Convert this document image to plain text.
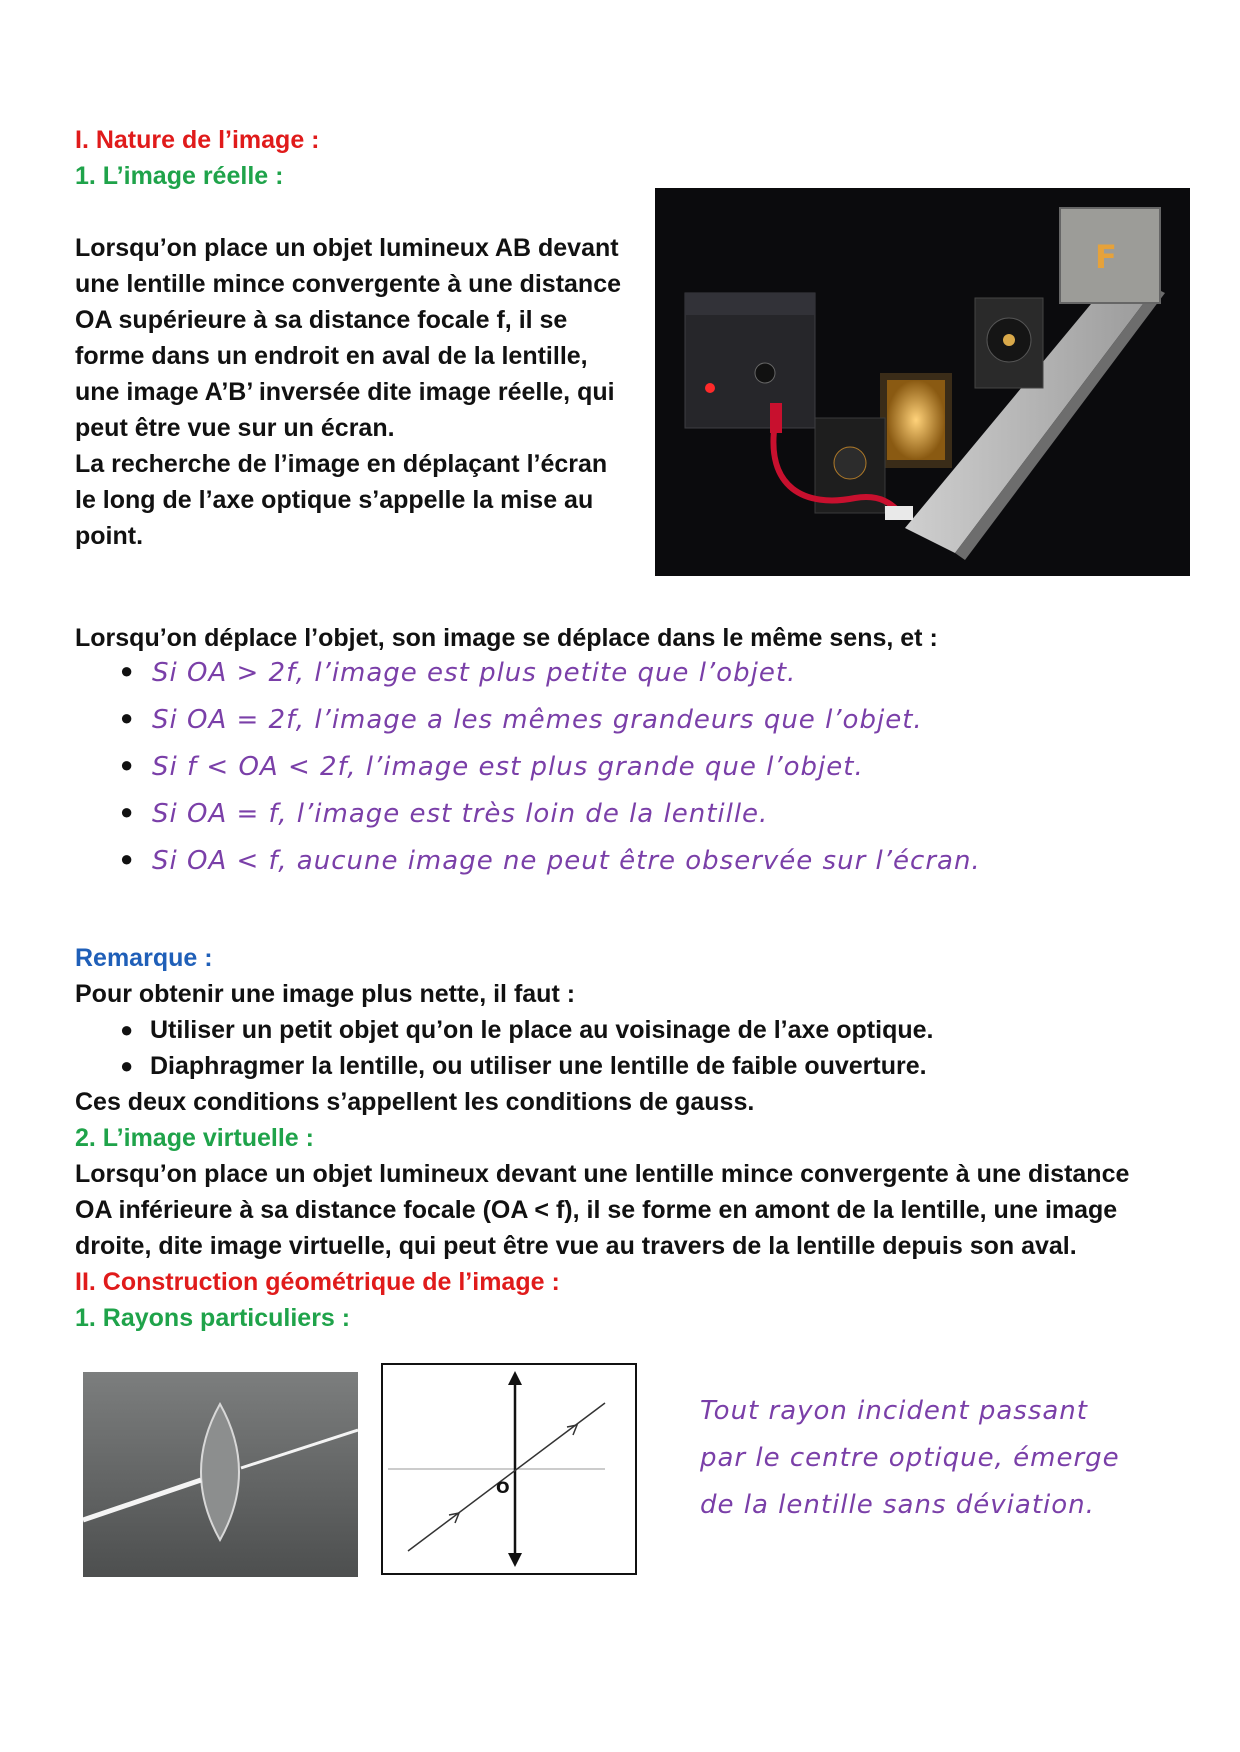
I. Nature de l’image :
1. L’image réelle :
Lorsqu’on place un objet lumineux AB devant
une lentille mince convergente à une distance
OA supérieure à sa distance focale f, il se
forme dans un endroit en aval de la lentille,
une image A’B’ inversée dite image réelle, qui
peut être vue sur un écran.
La recherche de l’image en déplaçant l’écran
le long de l’axe optique s’appelle la mise au
point.
F
Lorsqu’on déplace l’objet, son image se déplace dans le même sens, et :
● Si OA > 2f, l’image est plus petite que l’objet.
● Si OA = 2f, l’image a les mêmes grandeurs que l’objet.
● Si f < OA < 2f, l’image est plus grande que l’objet.
● Si OA = f, l’image est très loin de la lentille.
● Si OA < f, aucune image ne peut être observée sur l’écran.
Remarque :
Pour obtenir une image plus nette, il faut :
● Utiliser un petit objet qu’on le place au voisinage de l’axe optique.
● Diaphragmer la lentille, ou utiliser une lentille de faible ouverture.
Ces deux conditions s’appellent les conditions de gauss.
2. L’image virtuelle :
Lorsqu’on place un objet lumineux devant une lentille mince convergente à une distance
OA inférieure à sa distance focale (OA < f), il se forme en amont de la lentille, une image
droite, dite image virtuelle, qui peut être vue au travers de la lentille depuis son aval.
II. Construction géométrique de l’image :
1. Rayons particuliers :
O
Tout rayon incident passant
par le centre optique, émerge
de la lentille sans déviation.
